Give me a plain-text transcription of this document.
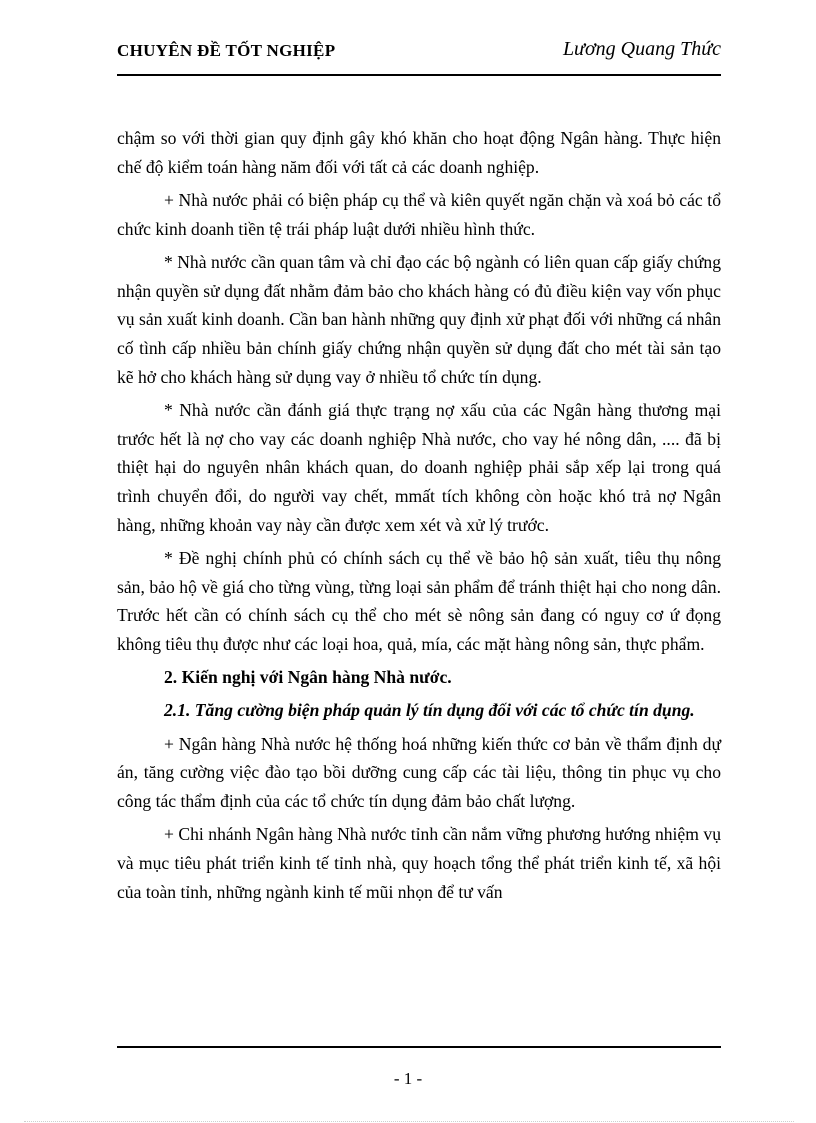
CHUYÊN ĐỀ TỐT NGHIỆP	Lương Quang Thức

chậm so với thời gian quy định gây khó khăn cho hoạt động Ngân hàng. Thực hiện chế độ kiểm toán hàng năm đối với tất cả các doanh nghiệp.

+ Nhà nước phải có biện pháp cụ thể và kiên quyết ngăn chặn và xoá bỏ các tổ chức kinh doanh tiền tệ trái pháp luật dưới nhiều hình thức.

* Nhà nước cần quan tâm và chỉ đạo các bộ ngành có liên quan cấp giấy chứng nhận quyền sử dụng đất nhằm đảm bảo cho khách hàng có đủ điều kiện vay vốn phục vụ sản xuất kinh doanh. Cần ban hành những quy định xử phạt đối với những cá nhân cố tình cấp nhiều bản chính giấy chứng nhận quyền sử dụng đất cho mét tài sản tạo kẽ hở cho khách hàng sử dụng vay ở nhiều tổ chức tín dụng.

* Nhà nước cần đánh giá thực trạng nợ xấu của các Ngân hàng thương mại trước hết là nợ cho vay các doanh nghiệp Nhà nước, cho vay hé nông dân, .... đã bị thiệt hại do nguyên nhân khách quan, do doanh nghiệp phải sắp xếp lại trong quá trình chuyển đổi, do người vay chết, mmất tích không còn hoặc khó trả nợ Ngân hàng, những khoản vay này cần được xem xét và xử lý trước.

* Đề nghị chính phủ có chính sách cụ thể về bảo hộ sản xuất, tiêu thụ nông sản, bảo hộ về giá cho từng vùng, từng loại sản phẩm để tránh thiệt hại cho nong dân. Trước hết cần có chính sách cụ thể cho mét sè nông sản đang có nguy cơ ứ đọng không tiêu thụ được như các loại hoa, quả, mía, các mặt hàng nông sản, thực phẩm.

2. Kiến nghị với Ngân hàng Nhà nước.

2.1. Tăng cường biện pháp quản lý tín dụng đối với các tổ chức tín dụng.

+ Ngân hàng Nhà nước hệ thống hoá những kiến thức cơ bản về thẩm định dự án, tăng cường việc đào tạo bồi dưỡng cung cấp các tài liệu, thông tin phục vụ cho công tác thẩm định của các tổ chức tín dụng đảm bảo chất lượng.

+ Chi nhánh Ngân hàng Nhà nước tỉnh cần nắm vững phương hướng nhiệm vụ và mục tiêu phát triển kinh tế tỉnh nhà, quy hoạch tổng thể phát triển kinh tế, xã hội của toàn tỉnh, những ngành kinh tế mũi nhọn để tư vấn

- 1 -
